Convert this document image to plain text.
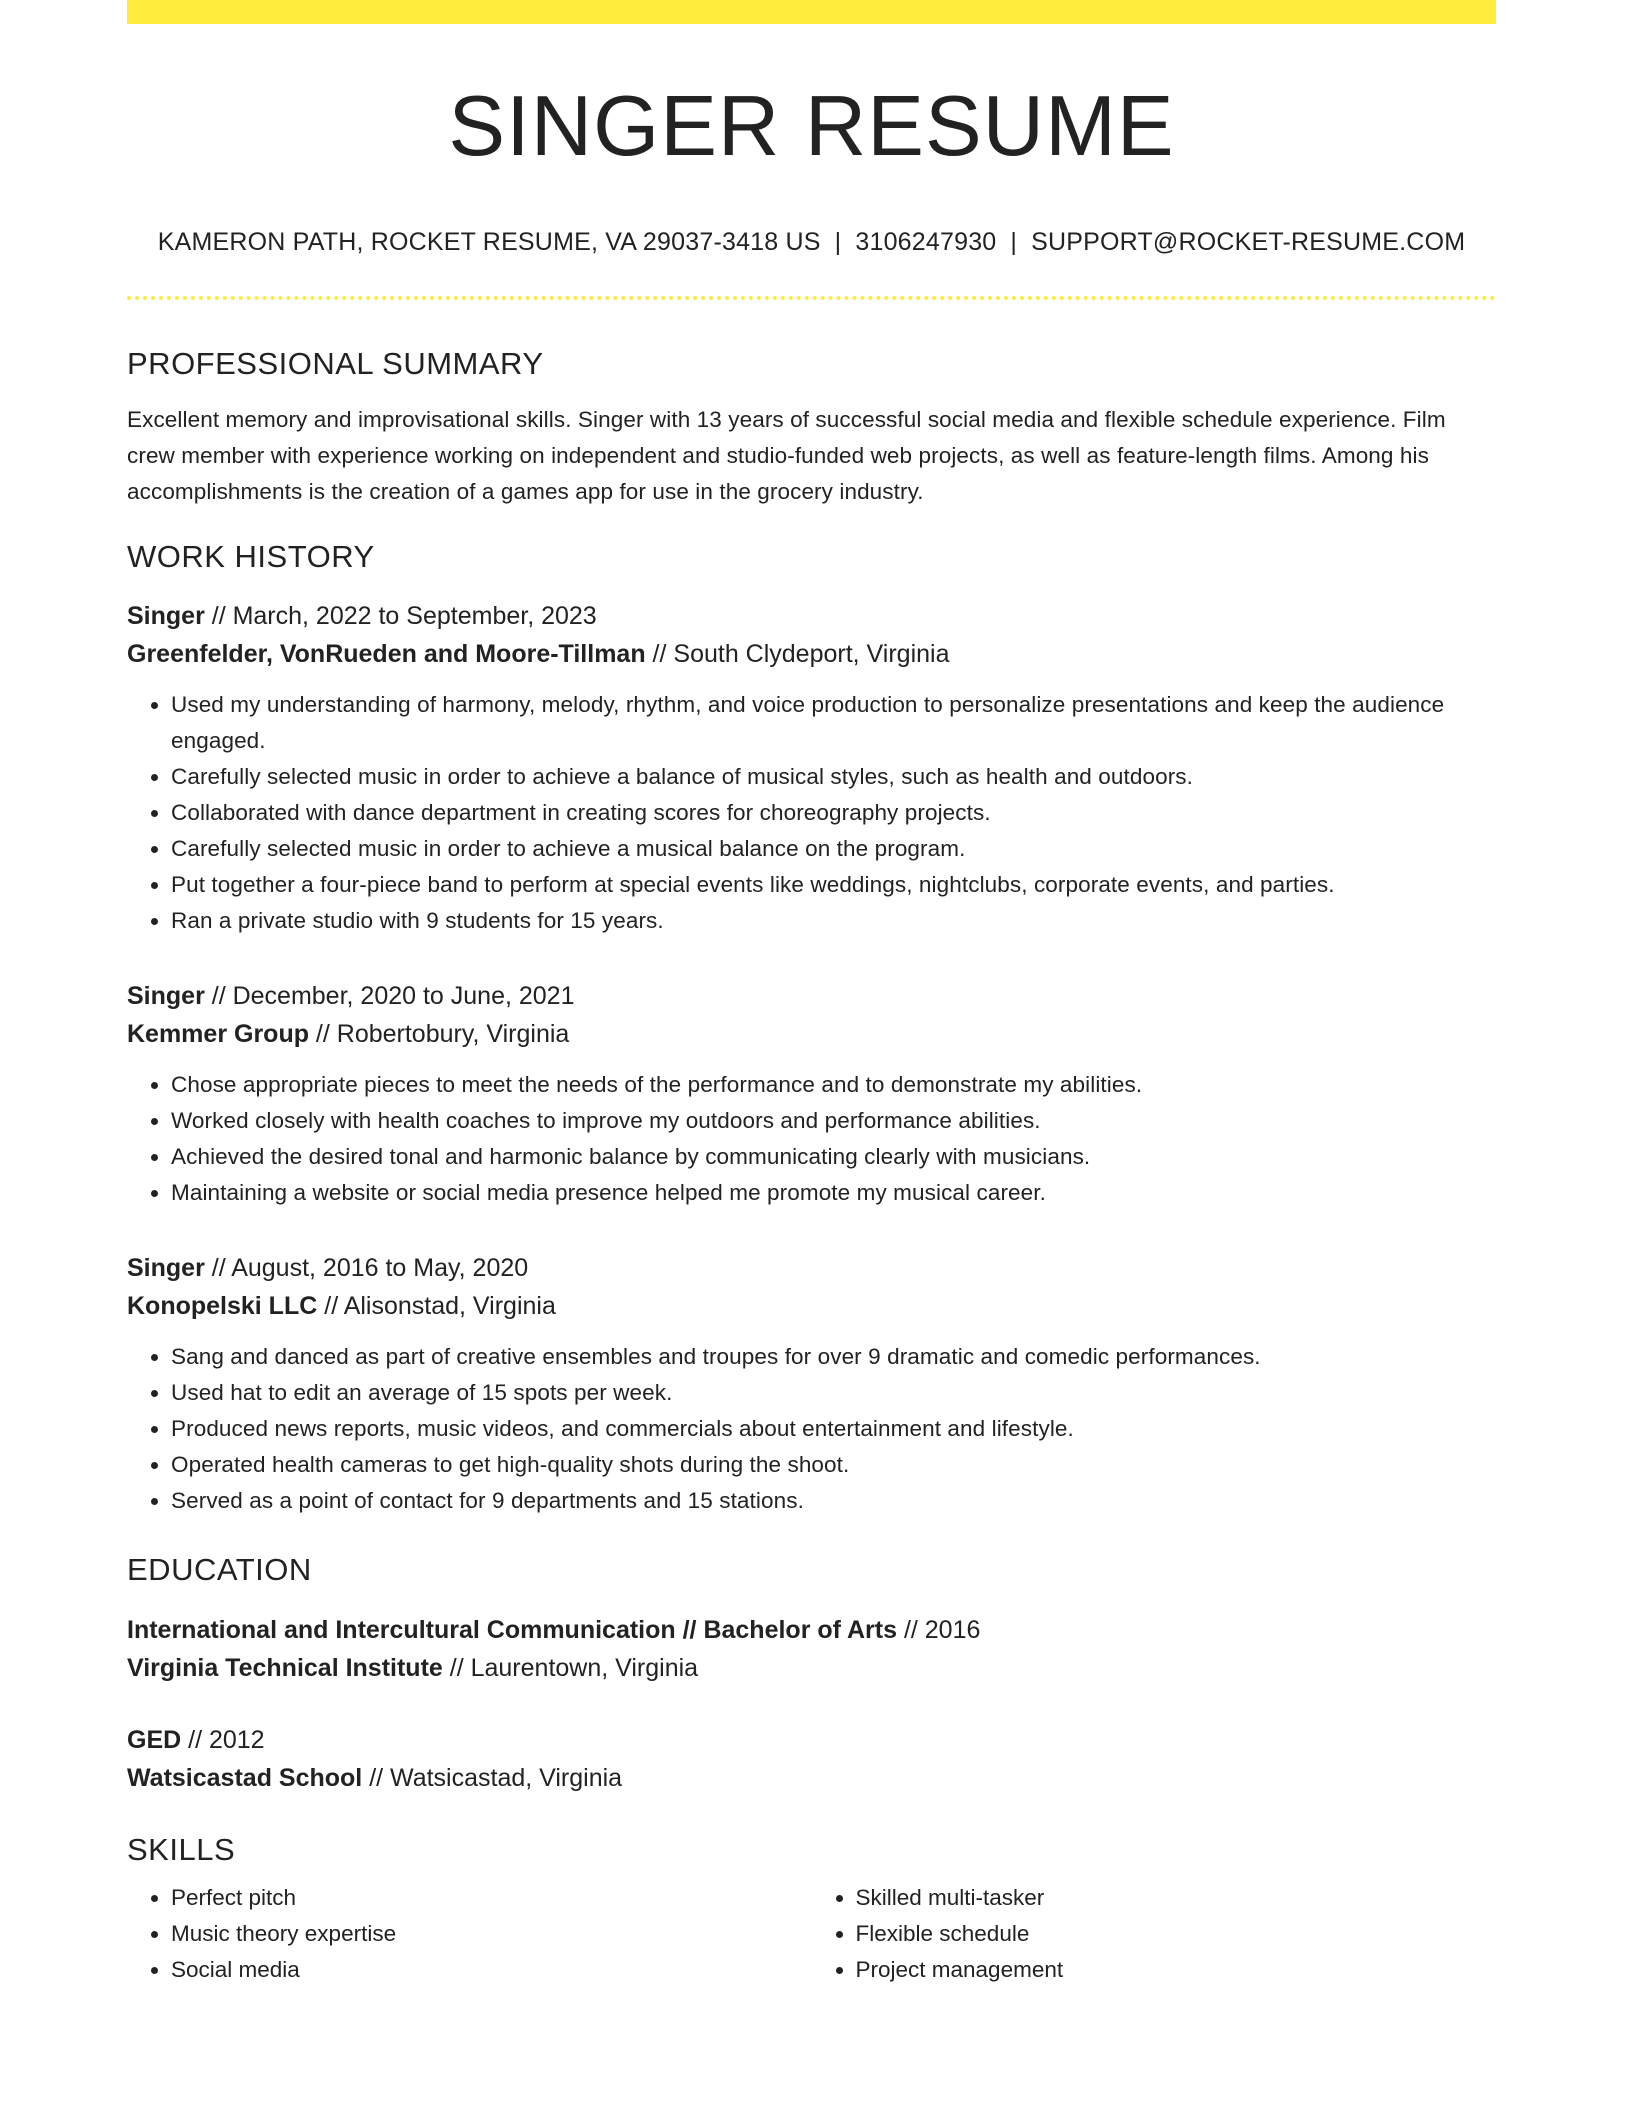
SINGER RESUME
KAMERON PATH, ROCKET RESUME, VA 29037-3418 US | 3106247930 | SUPPORT@ROCKET-RESUME.COM
PROFESSIONAL SUMMARY
Excellent memory and improvisational skills. Singer with 13 years of successful social media and flexible schedule experience. Film crew member with experience working on independent and studio-funded web projects, as well as feature-length films. Among his accomplishments is the creation of a games app for use in the grocery industry.
WORK HISTORY
Singer // March, 2022 to September, 2023
Greenfelder, VonRueden and Moore-Tillman // South Clydeport, Virginia
• Used my understanding of harmony, melody, rhythm, and voice production to personalize presentations and keep the audience engaged.
• Carefully selected music in order to achieve a balance of musical styles, such as health and outdoors.
• Collaborated with dance department in creating scores for choreography projects.
• Carefully selected music in order to achieve a musical balance on the program.
• Put together a four-piece band to perform at special events like weddings, nightclubs, corporate events, and parties.
• Ran a private studio with 9 students for 15 years.
Singer // December, 2020 to June, 2021
Kemmer Group // Robertobury, Virginia
• Chose appropriate pieces to meet the needs of the performance and to demonstrate my abilities.
• Worked closely with health coaches to improve my outdoors and performance abilities.
• Achieved the desired tonal and harmonic balance by communicating clearly with musicians.
• Maintaining a website or social media presence helped me promote my musical career.
Singer // August, 2016 to May, 2020
Konopelski LLC // Alisonstad, Virginia
• Sang and danced as part of creative ensembles and troupes for over 9 dramatic and comedic performances.
• Used hat to edit an average of 15 spots per week.
• Produced news reports, music videos, and commercials about entertainment and lifestyle.
• Operated health cameras to get high-quality shots during the shoot.
• Served as a point of contact for 9 departments and 15 stations.
EDUCATION
International and Intercultural Communication // Bachelor of Arts // 2016
Virginia Technical Institute // Laurentown, Virginia
GED // 2012
Watsicastad School // Watsicastad, Virginia
SKILLS
• Perfect pitch
• Music theory expertise
• Social media
• Skilled multi-tasker
• Flexible schedule
• Project management
